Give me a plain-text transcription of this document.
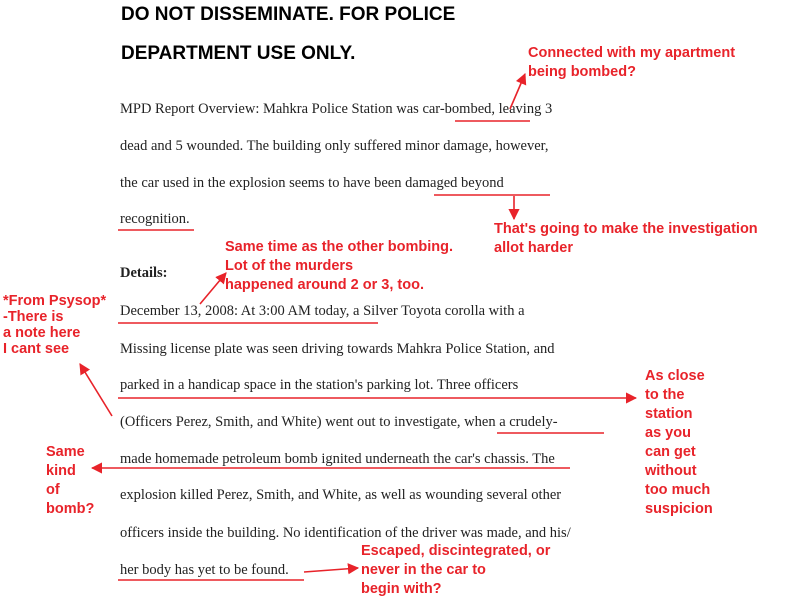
DO NOT DISSEMINATE. FOR POLICE

DEPARTMENT USE ONLY.

MPD Report Overview: Mahkra Police Station was car-bombed, leaving 3

dead and 5 wounded. The building only suffered minor damage, however,

the car used in the explosion seems to have been damaged beyond

recognition.

Details:

December 13, 2008: At 3:00 AM today, a Silver Toyota corolla with a

Missing license plate was seen driving towards Mahkra Police Station, and

parked in a handicap space in the station's parking lot. Three officers

(Officers Perez, Smith, and White) went out to investigate, when a crudely-

made homemade petroleum bomb ignited underneath the car's chassis. The

explosion killed Perez, Smith, and White, as well as wounding several other

officers inside the building. No identification of the driver was made, and his/

her body has yet to be found.

Connected with my apartment
being bombed?
That's going to make the investigation
allot harder
Same time as the other bombing.
Lot of the murders
happened around 2 or 3, too.
*From Psysop*
-There is
a note here
I cant see
Same
kind
of
bomb?
As close
to the
station
as you
can get
without
too much
suspicion
Escaped, discintegrated, or
never in the car to
begin with?
